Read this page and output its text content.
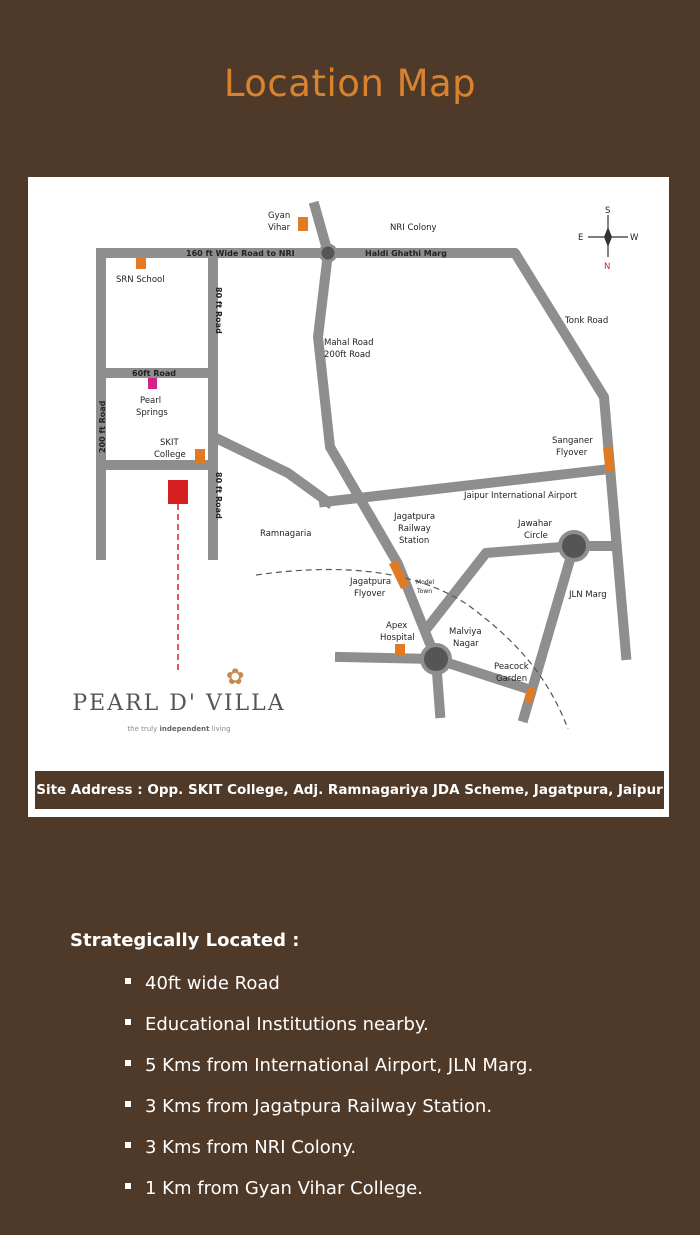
Location Map
S
E	W
N
Gyan Vihar	NRI Colony
160 ft Wide Road to NRI	Haldi Ghathi Marg
SRN School
80 ft Road
80 ft Road
60ft Road
Pearl Springs
200 ft Road	SKIT College
Mahal Road 200ft Road
Tonk Road
Sanganer Flyover
Jaipur International Airport
Ramnagaria
Jagatpura Railway Station
Jawahar Circle
Jagatpura Flyover
Model Town	JLN Marg
Apex Hospital
Malviya Nagar
Peacock Garden
✿
PEARL D' VILLA
the truly independent living
Site Address : Opp. SKIT College, Adj. Ramnagariya JDA Scheme, Jagatpura, Jaipur
Strategically Located :
40ft wide Road
Educational Institutions nearby.
5 Kms from International Airport, JLN Marg.
3 Kms from Jagatpura Railway Station.
3 Kms from NRI Colony.
1 Km from Gyan Vihar College.
